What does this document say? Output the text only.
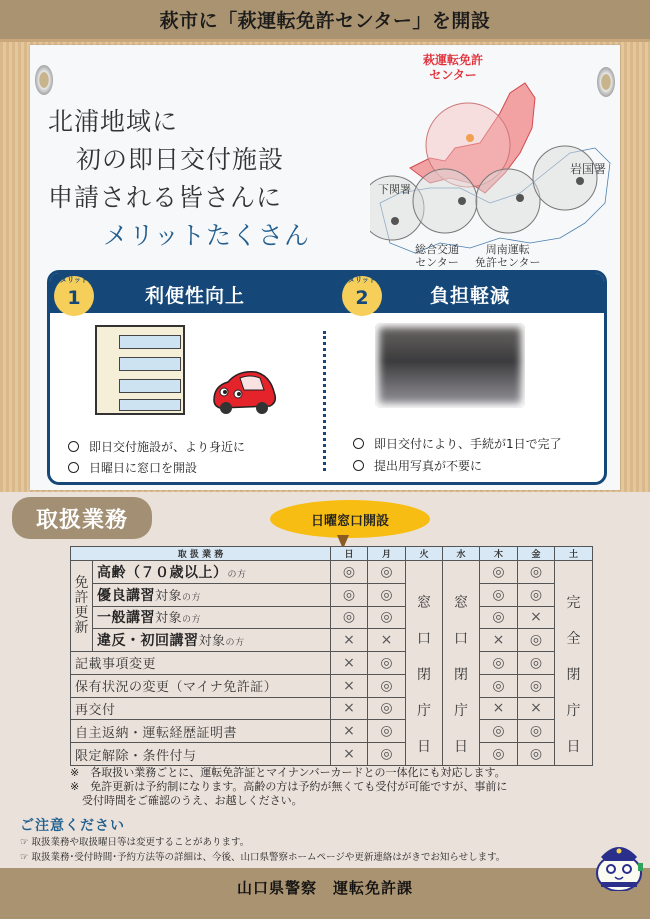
萩市に「萩運転免許センター」を開設
北浦地域に
初の即日交付施設
申請される皆さんに
メリットたくさん
萩運転免許
センター
下関署
総合交通
センター
周南運転
免許センター
岩国署
メリット
1	利便性向上
メリット
2	負担軽減
即日交付施設が、より身近に
日曜日に窓口を開設
即日交付により、手続が1日で完了
提出用写真が不要に
取扱業務	日曜窓口開設
取 扱 業 務		日	月	火	水	木	金	土
免許更新	高齢（７０歳以上）の方	◎	◎	窓口閉庁日	窓口閉庁日	◎	◎	完全閉庁日

	優良講習対象の方	◎	◎			◎	◎	
	一般講習対象の方	◎	◎			◎	×	
	違反・初回講習対象の方	×	×			×	◎	
記載事項変更		×	◎			◎	◎	
保有状況の変更（マイナ免許証）		×	◎			◎	◎	
再交付		×	◎			×	×	
自主返納・運転経歴証明書		×	◎			◎	◎	
限定解除・条件付与		×	◎			◎	◎	
※　各取扱い業務ごとに、運転免許証とマイナンバーカードとの一体化にも対応します。
※　免許更新は予約制になります。高齢の方は予約が無くても受付が可能ですが、事前に
受付時間をご確認のうえ、お越しください。
ご注意ください
☞ 取扱業務や取扱曜日等は変更することがあります。
☞ 取扱業務･受付時間･予約方法等の詳細は、今後、山口県警察ホームページや更新連絡はがきでお知らせします。
山口県警察　運転免許課
